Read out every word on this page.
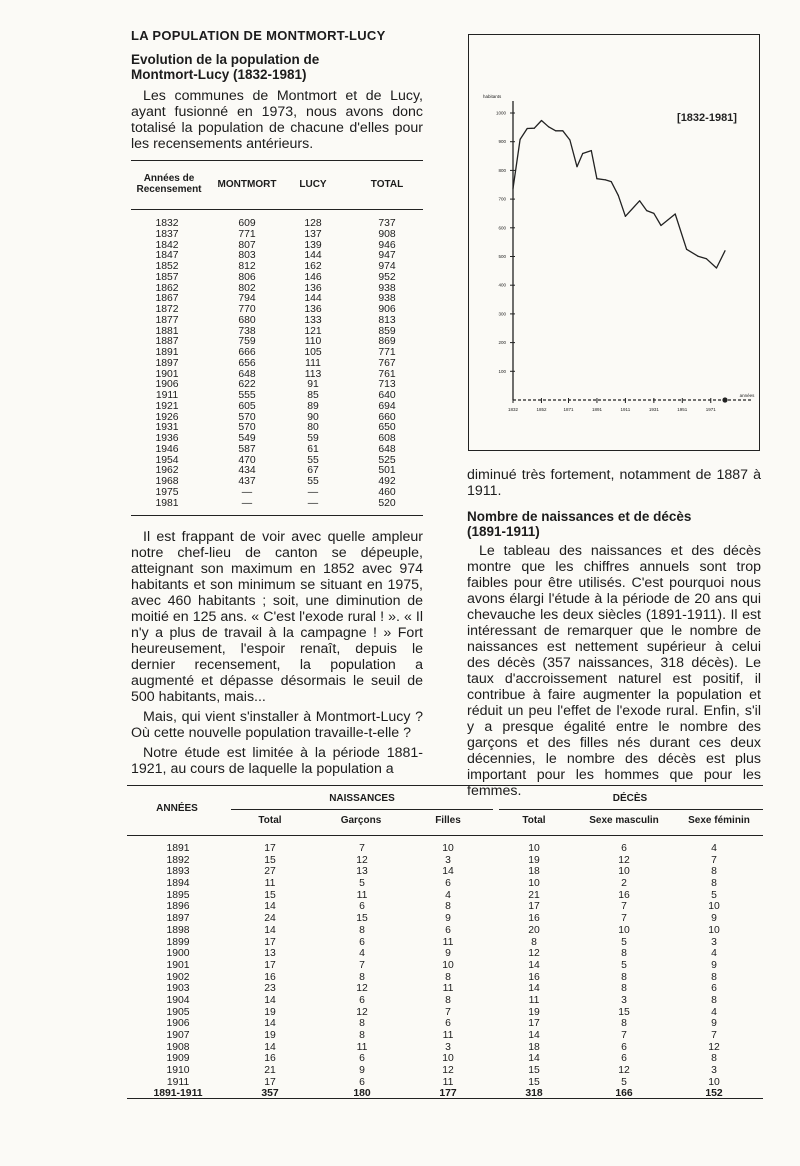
LA POPULATION DE MONTMORT-LUCY
Evolution de la population de Montmort-Lucy (1832-1981)
Les communes de Montmort et de Lucy, ayant fusionné en 1973, nous avons donc totalisé la population de chacune d'elles pour les recensements antérieurs.
Années de Recensement	MONTMORT	LUCY	TOTAL
1832	609	128	737
1837	771	137	908
1842	807	139	946
1847	803	144	947
1852	812	162	974
1857	806	146	952
1862	802	136	938
1867	794	144	938
1872	770	136	906
1877	680	133	813
1881	738	121	859
1887	759	110	869
1891	666	105	771
1897	656	111	767
1901	648	113	761
1906	622	91	713
1911	555	85	640
1921	605	89	694
1926	570	90	660
1931	570	80	650
1936	549	59	608
1946	587	61	648
1954	470	55	525
1962	434	67	501
1968	437	55	492
1975	—	—	460
1981	—	—	520
Il est frappant de voir avec quelle ampleur notre chef-lieu de canton se dépeuple, atteignant son maximum en 1852 avec 974 habitants et son minimum se situant en 1975, avec 460 habitants ; soit, une diminution de moitié en 125 ans. « C'est l'exode rural ! ». « Il n'y a plus de travail à la campagne ! » Fort heureusement, l'espoir renaît, depuis le dernier recensement, la population a augmenté et dépasse désormais le seuil de 500 habitants, mais...
Mais, qui vient s'installer à Montmort-Lucy ? Où cette nouvelle population travaille-t-elle ?
Notre étude est limitée à la période 1881-1921, au cours de laquelle la population a
100
200
300
400
500
600
700
800
900
1000
habitants
1832	1852	1871	1891	1911	1931	1951	1971
années
[1832-1981]
diminué très fortement, notamment de 1887 à 1911.
Nombre de naissances et de décès (1891-1911)
Le tableau des naissances et des décès montre que les chiffres annuels sont trop faibles pour être utilisés. C'est pourquoi nous avons élargi l'étude à la période de 20 ans qui chevauche les deux siècles (1891-1911). Il est intéressant de remarquer que le nombre de naissances est nettement supérieur à celui des décès (357 naissances, 318 décès). Le taux d'accroissement naturel est positif, il contribue à faire augmenter la population et réduit un peu l'effet de l'exode rural. Enfin, s'il y a presque égalité entre le nombre des garçons et des filles nés durant ces deux décennies, le nombre des décès est plus important pour les hommes que pour les femmes.
ANNÉES
NAISSANCES	DÉCÈS
Total	Garçons	Filles	Total	Sexe masculin	Sexe féminin
1891	17	7	10	10	6	4
1892	15	12	3	19	12	7
1893	27	13	14	18	10	8
1894	11	5	6	10	2	8
1895	15	11	4	21	16	5
1896	14	6	8	17	7	10
1897	24	15	9	16	7	9
1898	14	8	6	20	10	10
1899	17	6	11	8	5	3
1900	13	4	9	12	8	4
1901	17	7	10	14	5	9
1902	16	8	8	16	8	8
1903	23	12	11	14	8	6
1904	14	6	8	11	3	8
1905	19	12	7	19	15	4
1906	14	8	6	17	8	9
1907	19	8	11	14	7	7
1908	14	11	3	18	6	12
1909	16	6	10	14	6	8
1910	21	9	12	15	12	3
1911	17	6	11	15	5	10
1891-1911	357	180	177	318	166	152
